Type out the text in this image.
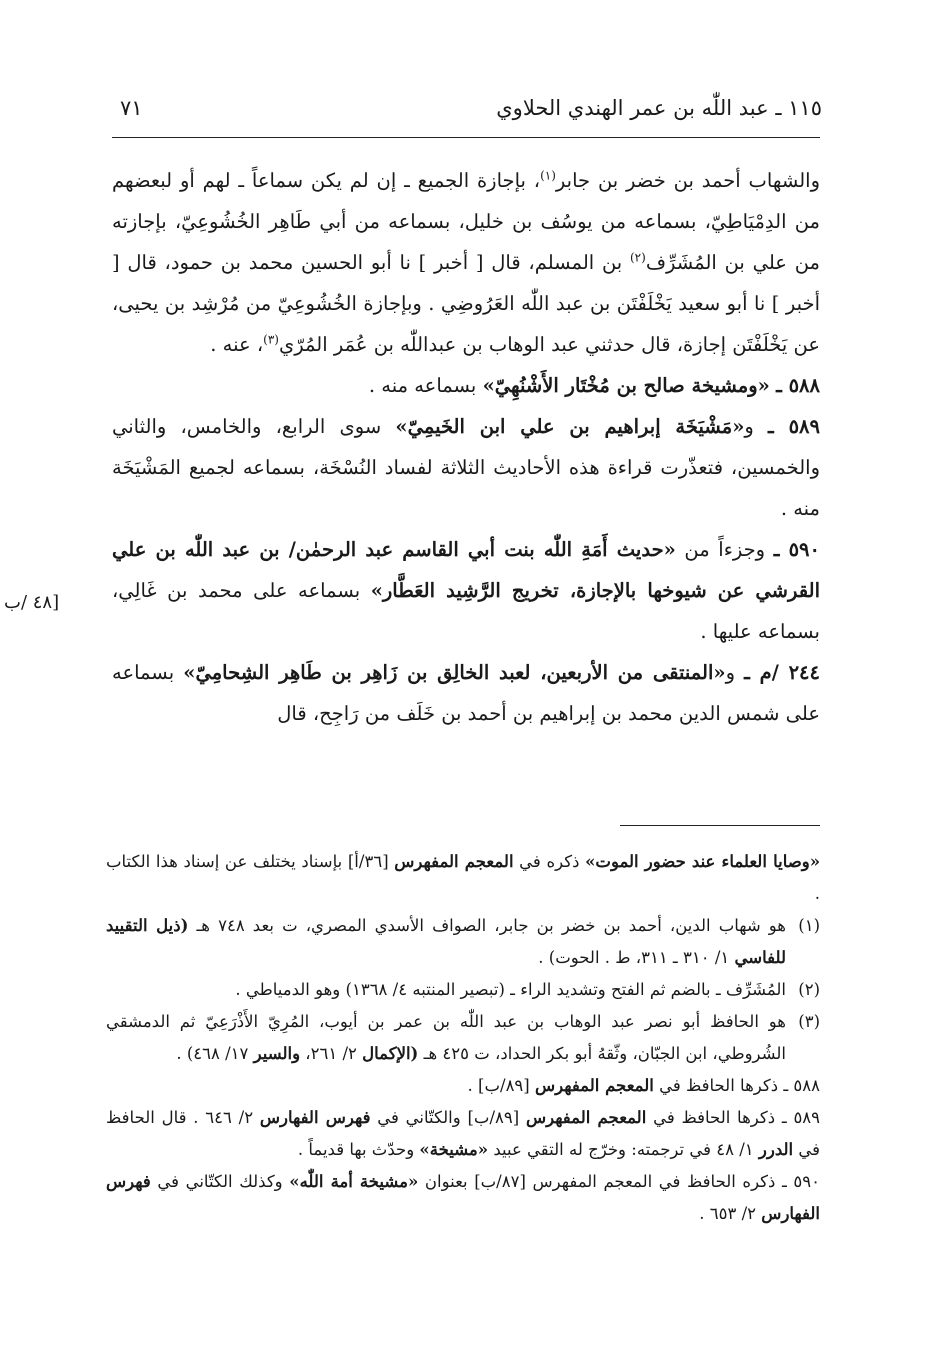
١١٥ ـ عبد اللّٰه بن عمر الهندي الحلاوي
٧١
[٤٨ /ب

والشهاب أحمد بن خضر بن جابر$^{(١)}$، بإجازة الجميع ـ إن لم يكن سماعاً ـ لهم أو لبعضهم من الدِمْيَاطِيّ، بسماعه من يوسُف بن خليل، بسماعه من أبي طَاهِر الخُشُوعِيّ، بإجازته من علي بن المُشَرِّف$^{(٢)}$ بن المسلم، قال [ أخبر ] نا أبو الحسين محمد بن حمود، قال [ أخبر ] نا أبو سعيد يَخْلَفْتَن بن عبد اللّٰه العَرُوضِي . وبإجازة الخُشُوعِيّ من مُرْشِد بن يحيى، عن يَخْلَفْتَن إجازة، قال حدثني عبد الوهاب بن عبداللّٰه بن عُمَر المُرّي$^{(٣)}$، عنه .

٥٨٨ ـ «ومشيخة صالح بن مُخْتَار الأَشْنُهِيّ» بسماعه منه .

٥٨٩ ـ و«مَشْيَخَة إبراهيم بن علي ابن الخَيمِيّ» سوى الرابع، والخامس، والثاني والخمسين، فتعذّرت قراءة هذه الأحاديث الثلاثة لفساد النُسْخَة، بسماعه لجميع المَشْيَخَة منه .

٥٩٠ ـ وجزءاً من «حديث أَمَةِ اللّٰه بنت أبي القاسم عبد الرحمٰن/ بن عبد اللّٰه بن علي القرشي عن شيوخها بالإجازة، تخريج الرَّشِيد العَطَّار» بسماعه على محمد بن غَالِي، بسماعه عليها .

٢٤٤ /م ـ و«المنتقى من الأربعين، لعبد الخالِق بن زَاهِر بن طَاهِر الشِحامِيّ» بسماعه على شمس الدين محمد بن إبراهيم بن أحمد بن خَلَف من رَاجِح، قال

«وصايا العلماء عند حضور الموت» ذكره في المعجم المفهرس [٣٦/أ] بإسناد يختلف عن إسناد هذا الكتاب .

(١)
هو شهاب الدين، أحمد بن خضر بن جابر، الصواف الأسدي المصري، ت بعد ٧٤٨ هـ (ذيل التقييد للفاسي ١/ ٣١٠ ـ ٣١١، ط . الحوت) .
(٢)
المُشَرِّف ـ بالضم ثم الفتح وتشديد الراء ـ (تبصير المنتبه ٤/ ١٣٦٨) وهو الدمياطي .
(٣)
هو الحافظ أبو نصر عبد الوهاب بن عبد اللّٰه بن عمر بن أيوب، المُرِيّ الأَذْرَعِيّ ثم الدمشقي الشُروطي، ابن الجبّان، وثّقهُ أبو بكر الحداد، ت ٤٢٥ هـ (الإكمال ٢/ ٢٦١، والسير ١٧/ ٤٦٨) .

٥٨٨ ـ ذكرها الحافظ في المعجم المفهرس [٨٩/ب] .

٥٨٩ ـ ذكرها الحافظ في المعجم المفهرس [٨٩/ب] والكتّاني في فهرس الفهارس ٢/ ٦٤٦ . قال الحافظ في الدرر ١/ ٤٨ في ترجمته: وخرّج له التقي عبيد «مشيخة» وحدّث بها قديماً .

٥٩٠ ـ ذكره الحافظ في المعجم المفهرس [٨٧/ب] بعنوان «مشيخة أمة اللّٰه» وكذلك الكتّاني في فهرس الفهارس ٢/ ٦٥٣ .
